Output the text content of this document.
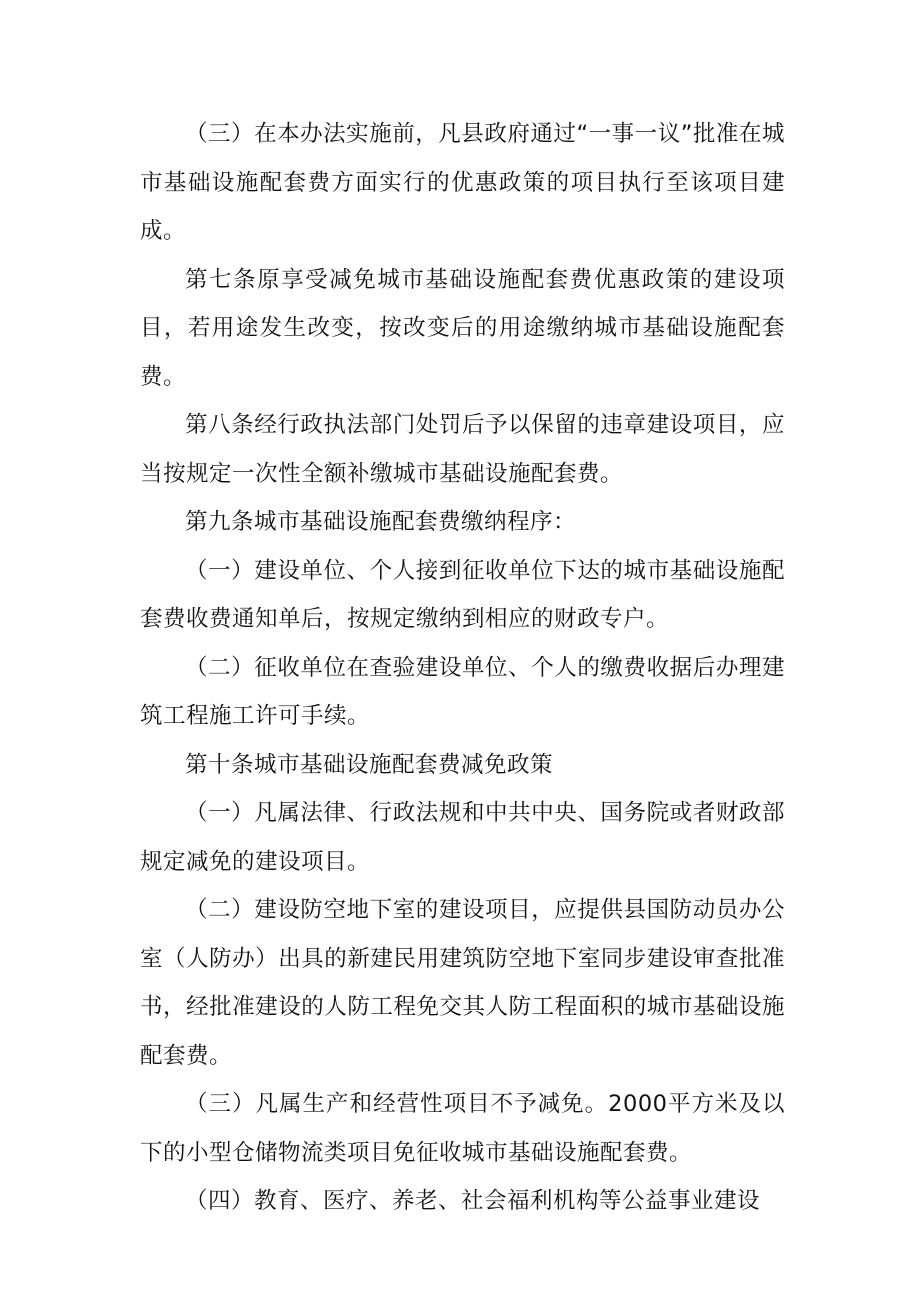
（三）在本办法实施前，凡县政府通过“一事一议”批准在城市基础设施配套费方面实行的优惠政策的项目执行至该项目建成。

第七条原享受减免城市基础设施配套费优惠政策的建设项目，若用途发生改变，按改变后的用途缴纳城市基础设施配套费。

第八条经行政执法部门处罚后予以保留的违章建设项目，应当按规定一次性全额补缴城市基础设施配套费。

第九条城市基础设施配套费缴纳程序：

（一）建设单位、个人接到征收单位下达的城市基础设施配套费收费通知单后，按规定缴纳到相应的财政专户。

（二）征收单位在查验建设单位、个人的缴费收据后办理建筑工程施工许可手续。

第十条城市基础设施配套费减免政策

（一）凡属法律、行政法规和中共中央、国务院或者财政部规定减免的建设项目。

（二）建设防空地下室的建设项目，应提供县国防动员办公室（人防办）出具的新建民用建筑防空地下室同步建设审查批准书，经批准建设的人防工程免交其人防工程面积的城市基础设施配套费。

（三）凡属生产和经营性项目不予减免。2000平方米及以下的小型仓储物流类项目免征收城市基础设施配套费。

（四）教育、医疗、养老、社会福利机构等公益事业建设
